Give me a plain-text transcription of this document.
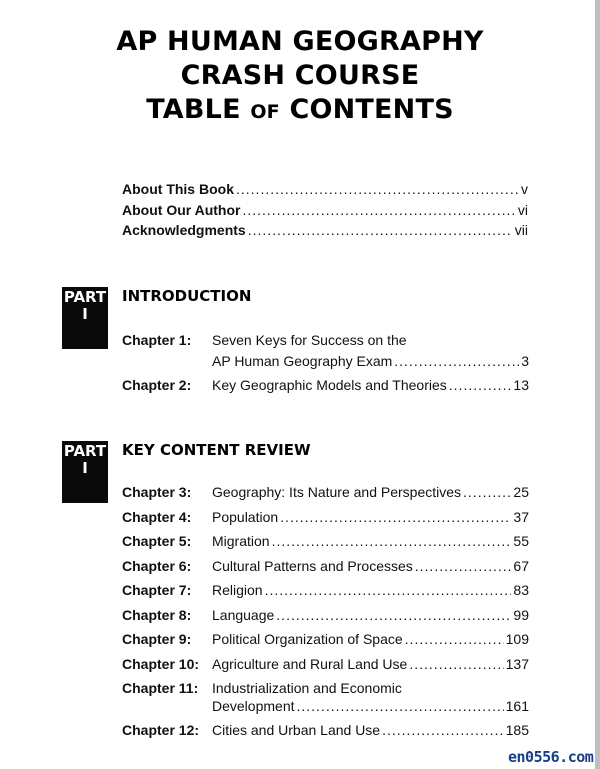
AP HUMAN GEOGRAPHY
CRASH COURSE
TABLE OF CONTENTS
About This Book .....	v
About Our Author .....	vi
Acknowledgments .....	vii
PART
I
INTRODUCTION
Chapter 1: Seven Keys for Success on the
AP Human Geography Exam .....	3
Chapter 2: Key Geographic Models and Theories .....	13
PART
I
KEY CONTENT REVIEW
Chapter 3: Geography: Its Nature and Perspectives .....	25
Chapter 4: Population .....	37
Chapter 5: Migration .....	55
Chapter 6: Cultural Patterns and Processes .....	67
Chapter 7: Religion .....	83
Chapter 8: Language .....	99
Chapter 9: Political Organization of Space .....	109
Chapter 10: Agriculture and Rural Land Use .....	137
Chapter 11: Industrialization and Economic
Development .....	161
Chapter 12: Cities and Urban Land Use .....	185
en0556.com
